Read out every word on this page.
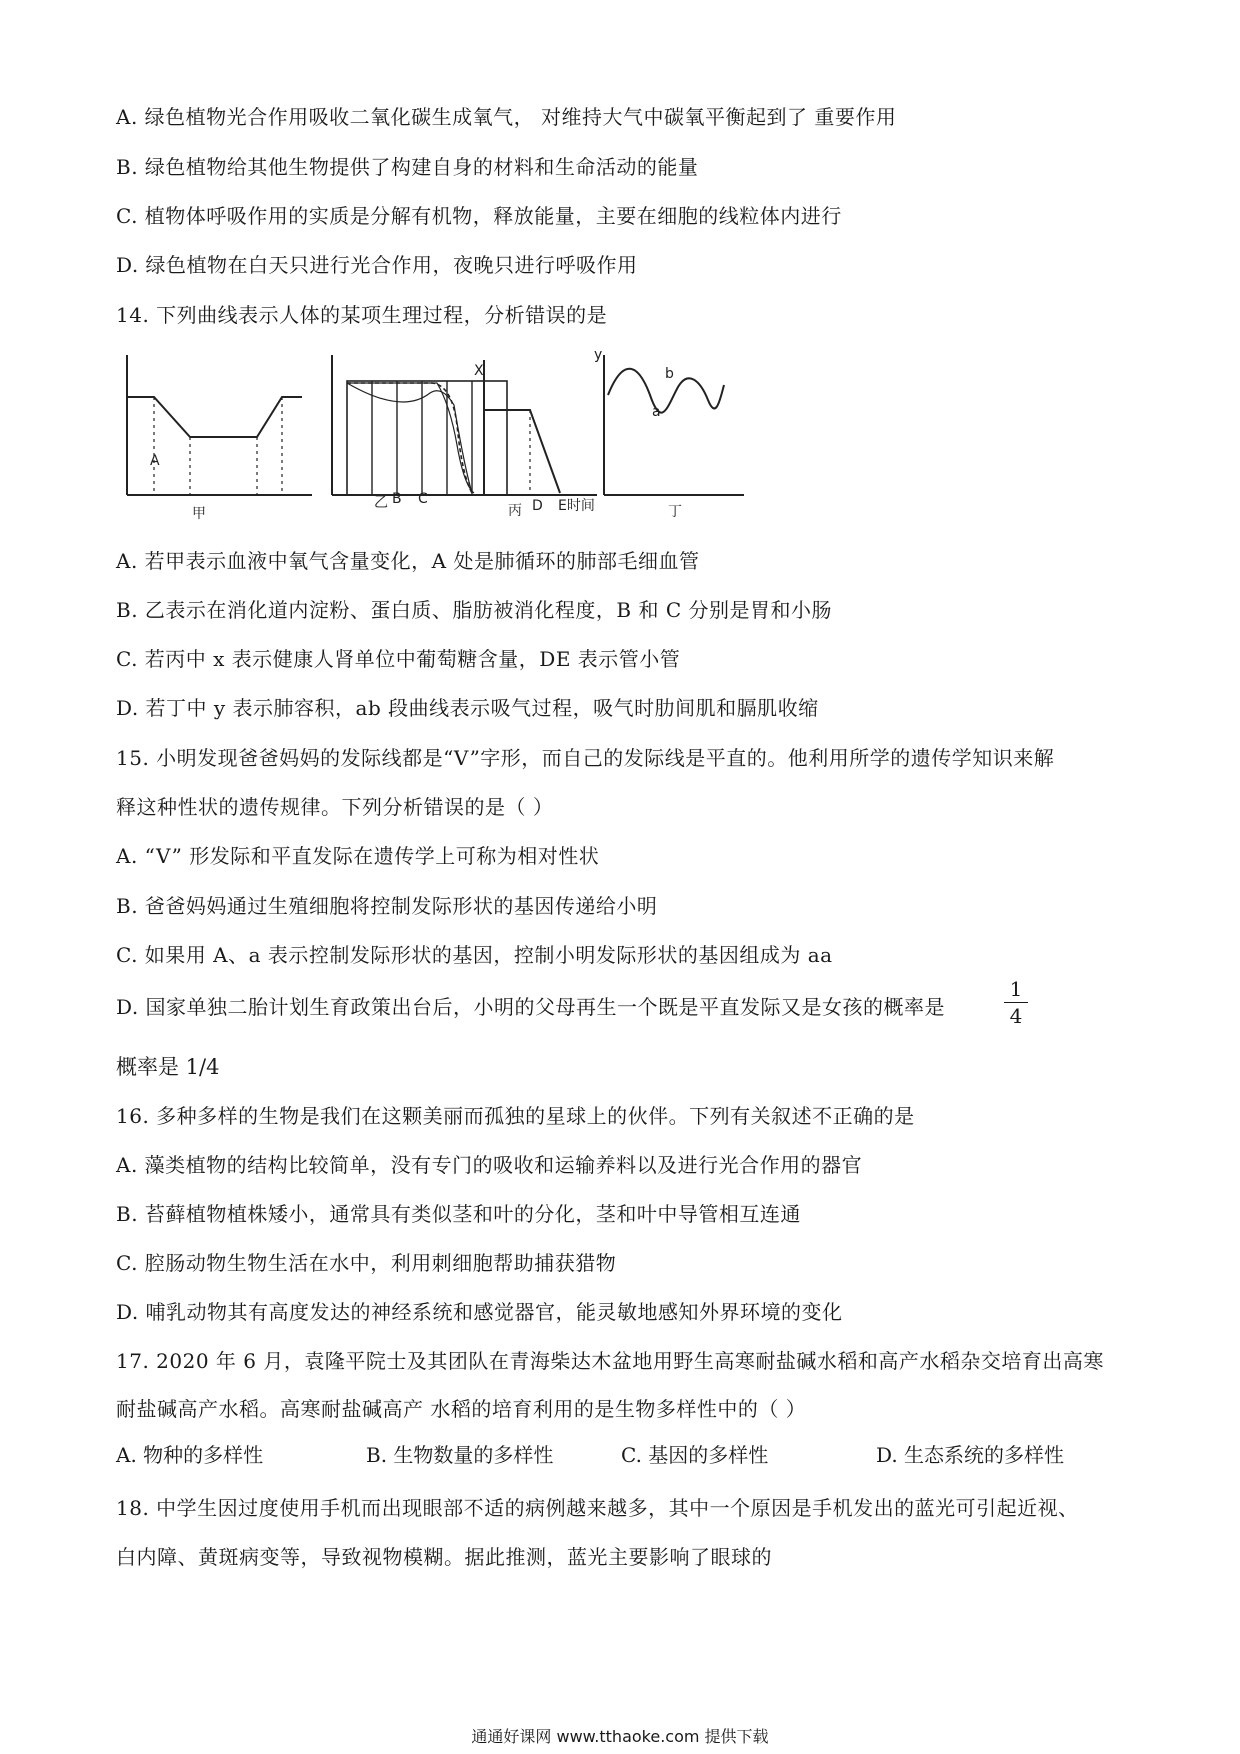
A. 绿色植物光合作用吸收二氧化碳生成氧气， 对维持大气中碳氧平衡起到了 重要作用
B. 绿色植物给其他生物提供了构建自身的材料和生命活动的能量
C. 植物体呼吸作用的实质是分解有机物，释放能量，主要在细胞的线粒体内进行
D. 绿色植物在白天只进行光合作用，夜晚只进行呼吸作用
14. 下列曲线表示人体的某项生理过程，分析错误的是
A
甲
乙 B C
X
丙 D E时间
y
a
b
丁
A. 若甲表示血液中氧气含量变化，A 处是肺循环的肺部毛细血管
B. 乙表示在消化道内淀粉、蛋白质、脂肪被消化程度，B 和 C 分别是胃和小肠
C. 若丙中 x 表示健康人肾单位中葡萄糖含量，DE 表示管小管
D. 若丁中 y 表示肺容积，ab 段曲线表示吸气过程，吸气时肋间肌和膈肌收缩
15. 小明发现爸爸妈妈的发际线都是“V”字形，而自己的发际线是平直的。他利用所学的遗传学知识来解
释这种性状的遗传规律。下列分析错误的是（ ）
A. “V” 形发际和平直发际在遗传学上可称为相对性状
B. 爸爸妈妈通过生殖细胞将控制发际形状的基因传递给小明
C. 如果用 A、a 表示控制发际形状的基因，控制小明发际形状的基因组成为 aa
D. 国家单独二胎计划生育政策出台后，小明的父母再生一个既是平直发际又是女孩的概率是	$\frac{1}{4}$
概率是 1/4
16. 多种多样的生物是我们在这颗美丽而孤独的星球上的伙伴。下列有关叙述不正确的是
A. 藻类植物的结构比较简单，没有专门的吸收和运输养料以及进行光合作用的器官
B. 苔藓植物植株矮小，通常具有类似茎和叶的分化，茎和叶中导管相互连通
C. 腔肠动物生物生活在水中，利用刺细胞帮助捕获猎物
D. 哺乳动物其有高度发达的神经系统和感觉器官，能灵敏地感知外界环境的变化
17. 2020 年 6 月，袁隆平院士及其团队在青海柴达木盆地用野生高寒耐盐碱水稻和高产水稻杂交培育出高寒
耐盐碱高产水稻。高寒耐盐碱高产 水稻的培育利用的是生物多样性中的（ ）
A. 物种的多样性	B. 生物数量的多样性	C. 基因的多样性	D. 生态系统的多样性
18. 中学生因过度使用手机而出现眼部不适的病例越来越多，其中一个原因是手机发出的蓝光可引起近视、
白内障、黄斑病变等，导致视物模糊。据此推测，蓝光主要影响了眼球的
通通好课网 www.tthaoke.com 提供下载
